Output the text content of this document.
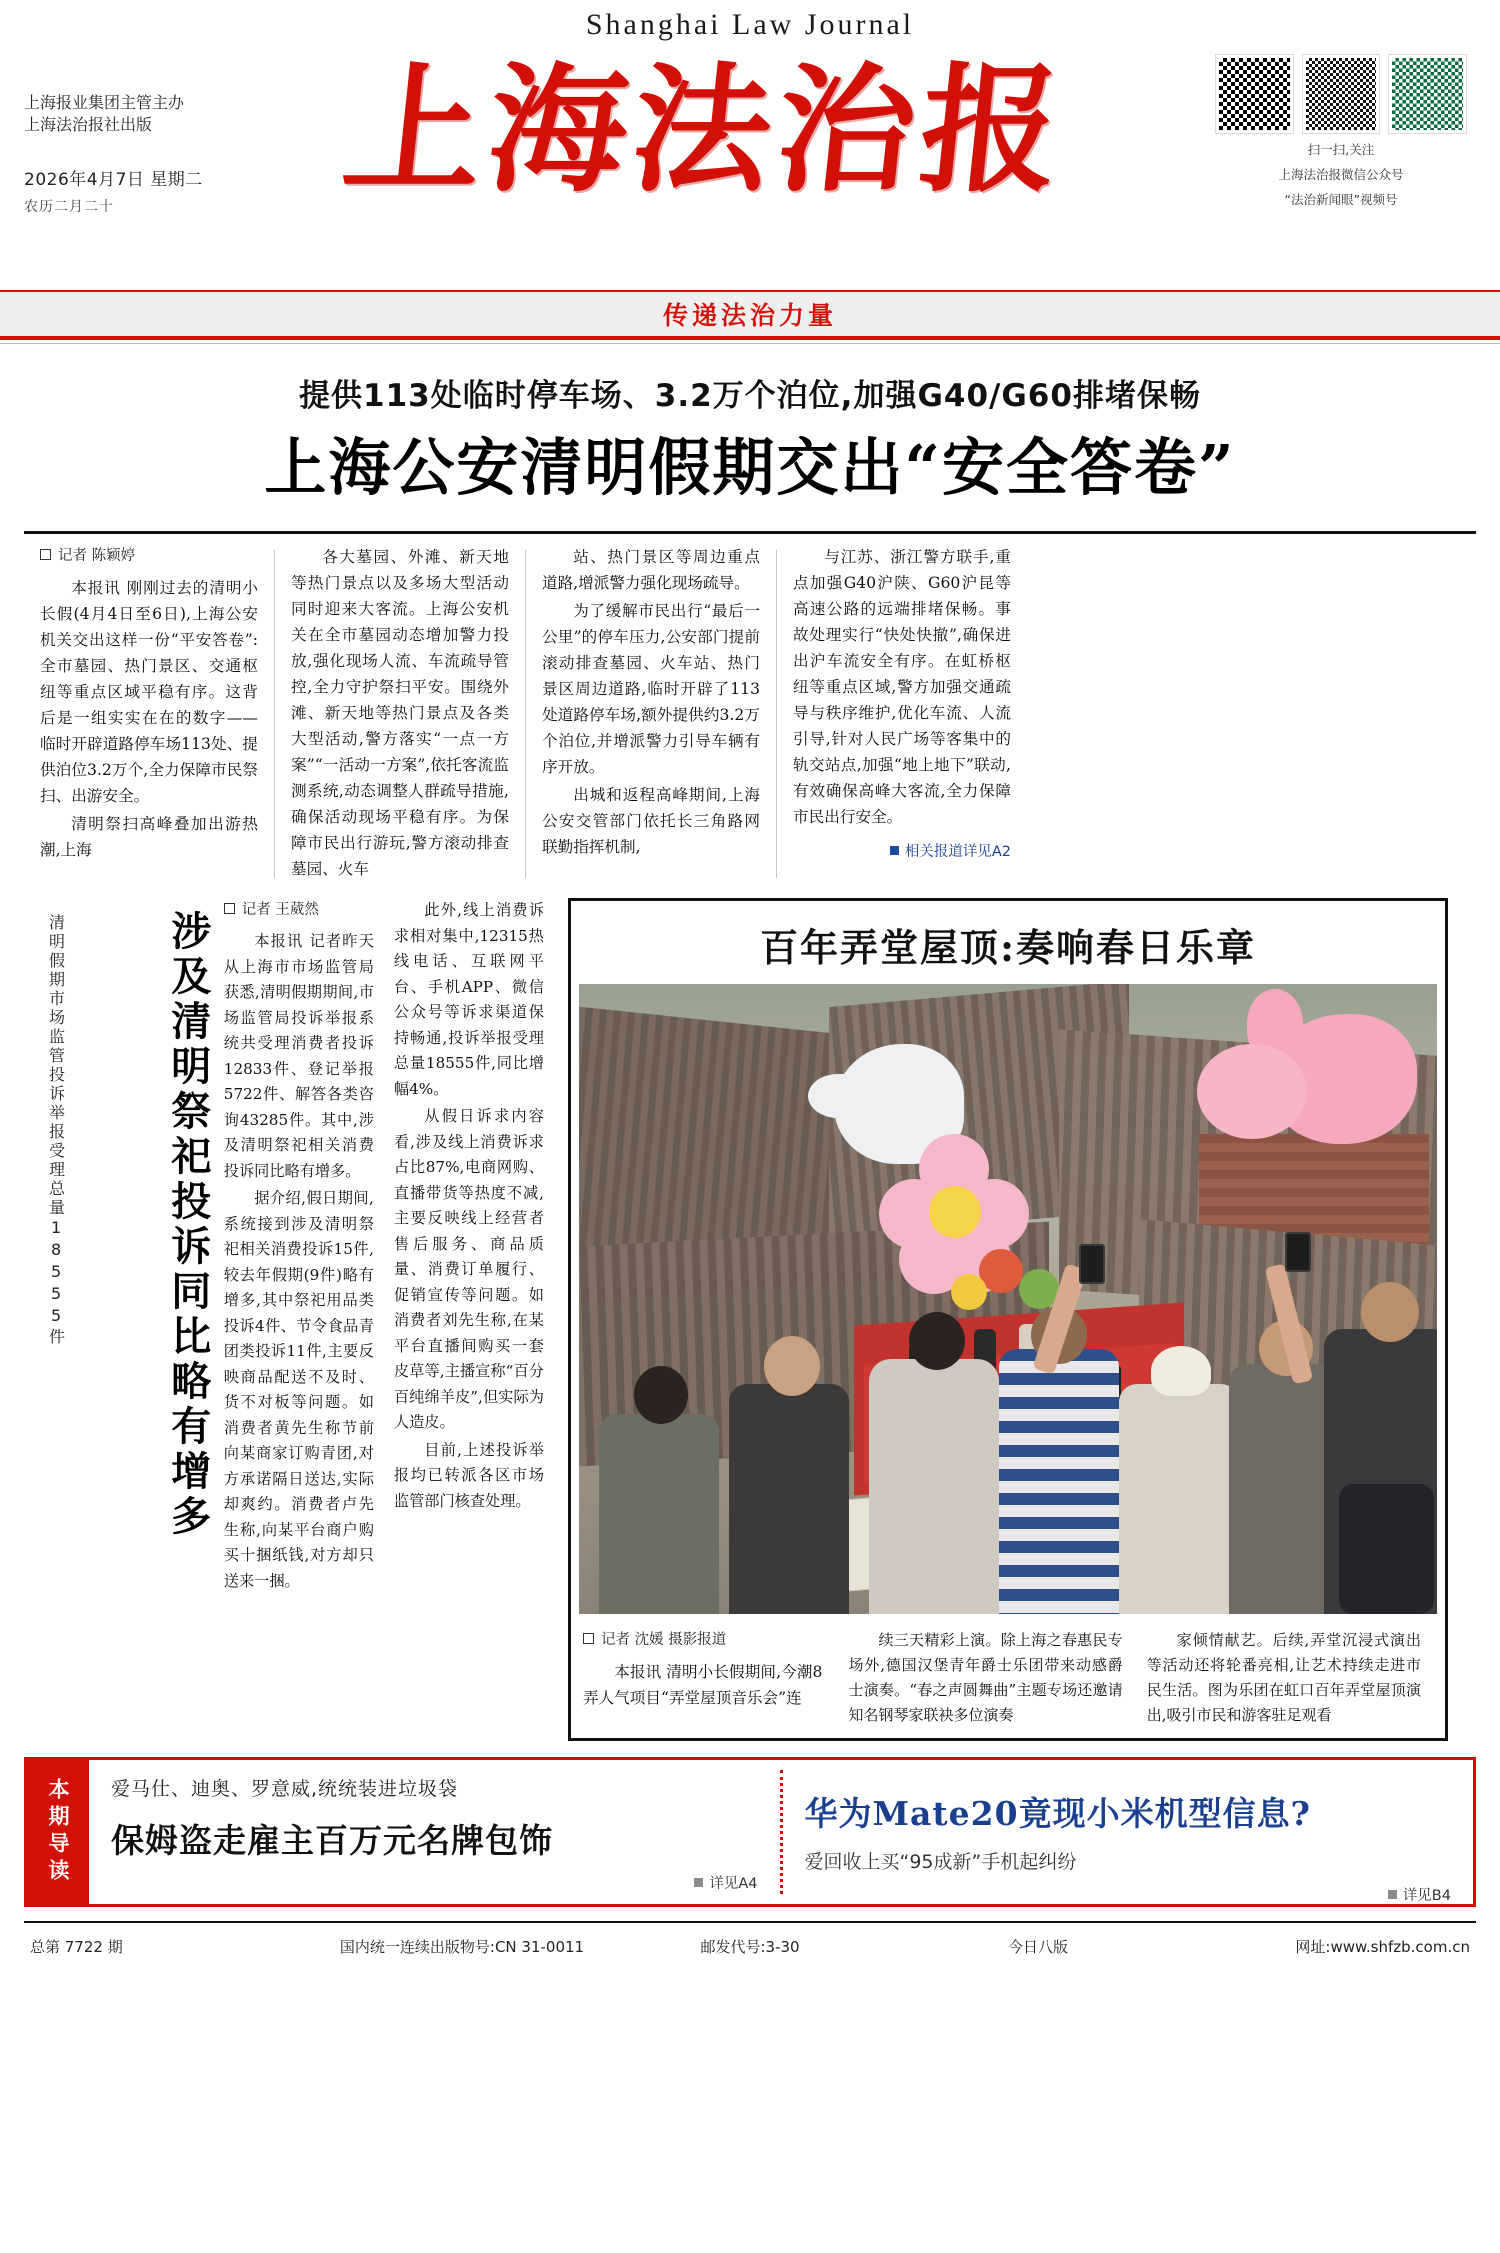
Shanghai Law Journal
上海报业集团主管主办
上海法治报社出版
2026年4月7日 星期二
农历二月二十	上海法治报	扫一扫,关注
上海法治报微信公众号
“法治新闻眼”视频号
传递法治力量
提供113处临时停车场、3.2万个泊位,加强G40/G60排堵保畅
上海公安清明假期交出“安全答卷”
记者 陈颖婷

本报讯 刚刚过去的清明小长假(4月4日至6日),上海公安机关交出这样一份“平安答卷”:全市墓园、热门景区、交通枢纽等重点区域平稳有序。这背后是一组实实在在的数字——临时开辟道路停车场113处、提供泊位3.2万个,全力保障市民祭扫、出游安全。

清明祭扫高峰叠加出游热潮,上海

各大墓园、外滩、新天地等热门景点以及多场大型活动同时迎来大客流。上海公安机关在全市墓园动态增加警力投放,强化现场人流、车流疏导管控,全力守护祭扫平安。围绕外滩、新天地等热门景点及各类大型活动,警方落实“一点一方案”“一活动一方案”,依托客流监测系统,动态调整人群疏导措施,确保活动现场平稳有序。为保障市民出行游玩,警方滚动排查墓园、火车

站、热门景区等周边重点道路,增派警力强化现场疏导。

为了缓解市民出行“最后一公里”的停车压力,公安部门提前滚动排查墓园、火车站、热门景区周边道路,临时开辟了113处道路停车场,额外提供约3.2万个泊位,并增派警力引导车辆有序开放。

出城和返程高峰期间,上海公安交管部门依托长三角路网联勤指挥机制,

与江苏、浙江警方联手,重点加强G40沪陕、G60沪昆等高速公路的远端排堵保畅。事故处理实行“快处快撤”,确保进出沪车流安全有序。在虹桥枢纽等重点区域,警方加强交通疏导与秩序维护,优化车流、人流引导,针对人民广场等客集中的轨交站点,加强“地上地下”联动,有效确保高峰大客流,全力保障市民出行安全。

相关报道详见A2
清明假期市场监管投诉举报受理总量18555件	涉及清明祭祀投诉同比略有增多 记者 王葳然

本报讯 记者昨天从上海市市场监管局获悉,清明假期期间,市场监管局投诉举报系统共受理消费者投诉12833件、登记举报5722件、解答各类咨询43285件。其中,涉及清明祭祀相关消费投诉同比略有增多。

据介绍,假日期间,系统接到涉及清明祭祀相关消费投诉15件,较去年假期(9件)略有增多,其中祭祀用品类投诉4件、节令食品青团类投诉11件,主要反映商品配送不及时、货不对板等问题。如消费者黄先生称节前向某商家订购青团,对方承诺隔日送达,实际却爽约。消费者卢先生称,向某平台商户购买十捆纸钱,对方却只送来一捆。

此外,线上消费诉求相对集中,12315热线电话、互联网平台、手机APP、微信公众号等诉求渠道保持畅通,投诉举报受理总量18555件,同比增幅4%。

从假日诉求内容看,涉及线上消费诉求占比87%,电商网购、直播带货等热度不减,主要反映线上经营者售后服务、商品质量、消费订单履行、促销宣传等问题。如消费者刘先生称,在某平台直播间购买一套皮草等,主播宣称“百分百纯绵羊皮”,但实际为人造皮。

目前,上述投诉举报均已转派各区市场监管部门核查处理。

百年弄堂屋顶:奏响春日乐章
记者 沈媛 摄影报道

本报讯 清明小长假期间,今潮8弄人气项目“弄堂屋顶音乐会”连

续三天精彩上演。除上海之春惠民专场外,德国汉堡青年爵士乐团带来动感爵士演奏。“春之声圆舞曲”主题专场还邀请知名钢琴家联袂多位演奏

家倾情献艺。后续,弄堂沉浸式演出等活动还将轮番亮相,让艺术持续走进市民生活。图为乐团在虹口百年弄堂屋顶演出,吸引市民和游客驻足观看

本期导读 爱马仕、迪奥、罗意威,统统装进垃圾袋
保姆盗走雇主百万元名牌包饰
详见A4
华为Mate20竟现小米机型信息?
爱回收上买“95成新”手机起纠纷
详见B4
总第 7722 期	国内统一连续出版物号:CN 31-0011	邮发代号:3-30	今日八版	网址:www.shfzb.com.cn
